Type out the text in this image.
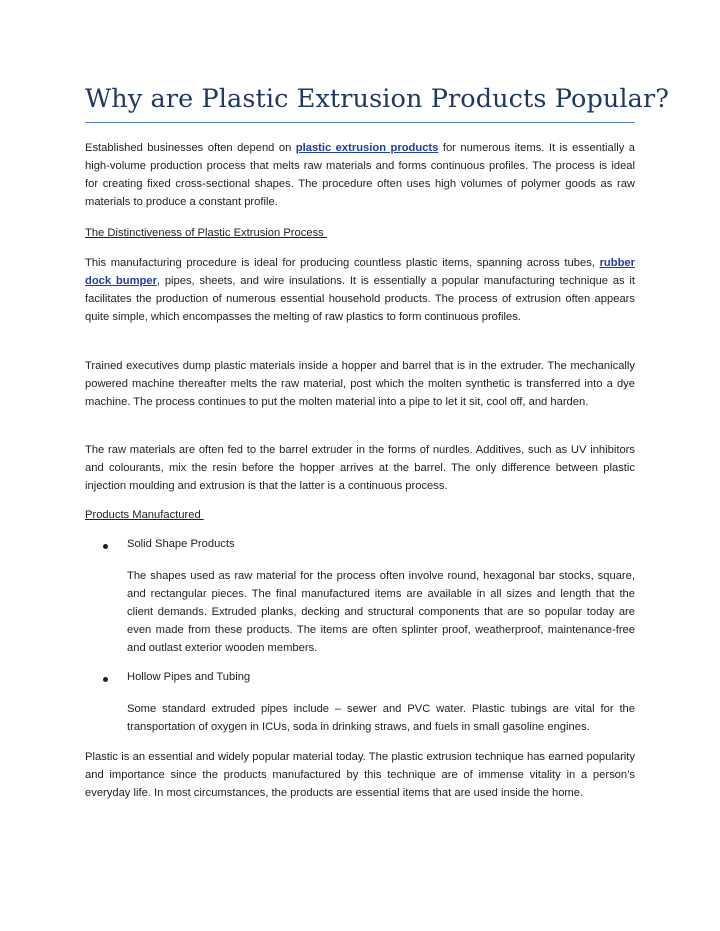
Why are Plastic Extrusion Products Popular?

Established businesses often depend on plastic extrusion products for numerous items. It is essentially a high-volume production process that melts raw materials and forms continuous profiles. The process is ideal for creating fixed cross-sectional shapes. The procedure often uses high volumes of polymer goods as raw materials to produce a constant profile.

The Distinctiveness of Plastic Extrusion Process

This manufacturing procedure is ideal for producing countless plastic items, spanning across tubes, rubber dock bumper, pipes, sheets, and wire insulations. It is essentially a popular manufacturing technique as it facilitates the production of numerous essential household products. The process of extrusion often appears quite simple, which encompasses the melting of raw plastics to form continuous profiles.

Trained executives dump plastic materials inside a hopper and barrel that is in the extruder. The mechanically powered machine thereafter melts the raw material, post which the molten synthetic is transferred into a dye machine. The process continues to put the molten material into a pipe to let it sit, cool off, and harden.

The raw materials are often fed to the barrel extruder in the forms of nurdles. Additives, such as UV inhibitors and colourants, mix the resin before the hopper arrives at the barrel. The only difference between plastic injection moulding and extrusion is that the latter is a continuous process.

Products Manufactured

Solid Shape Products

The shapes used as raw material for the process often involve round, hexagonal bar stocks, square, and rectangular pieces. The final manufactured items are available in all sizes and length that the client demands. Extruded planks, decking and structural components that are so popular today are even made from these products. The items are often splinter proof, weatherproof, maintenance-free and outlast exterior wooden members.

Hollow Pipes and Tubing

Some standard extruded pipes include – sewer and PVC water. Plastic tubings are vital for the transportation of oxygen in ICUs, soda in drinking straws, and fuels in small gasoline engines.

Plastic is an essential and widely popular material today. The plastic extrusion technique has earned popularity and importance since the products manufactured by this technique are of immense vitality in a person’s everyday life. In most circumstances, the products are essential items that are used inside the home.
